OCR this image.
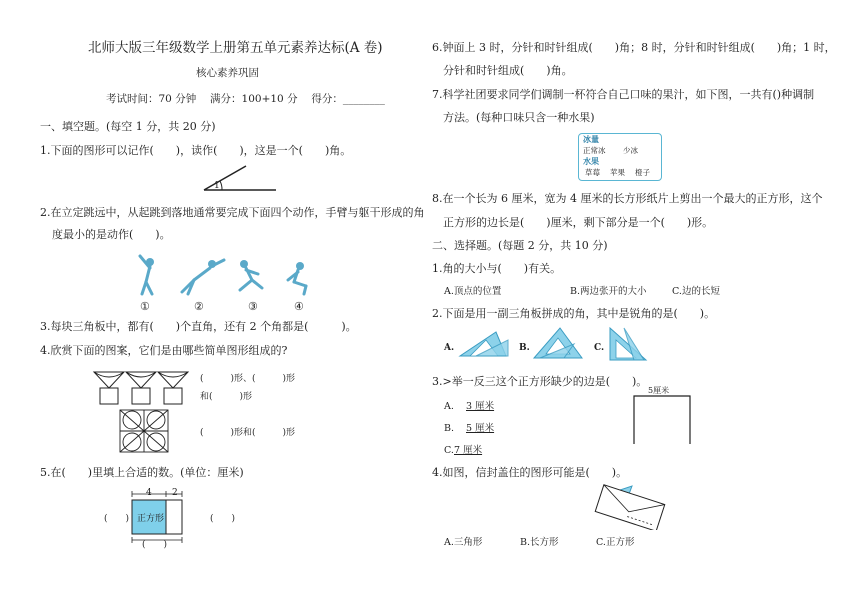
北师大版三年级数学上册第五单元素养达标(A 卷)
核心素养巩固
考试时间：70 分钟　 满分：100+10 分　 得分：________
一、填空题。(每空 1 分，共 20 分)
1.下面的图形可以记作(　　)，读作(　　)，这是一个(　　)角。
1
2.在立定跳远中，从起跳到落地通常要完成下面四个动作，手臂与躯干形成的角
度最小的是动作(　　)。
①	②	③	④
3.每块三角板中，都有(　　)个直角，还有 2 个角都是(　　　)。
4.欣赏下面的图案，它们是由哪些简单图形组成的?
(　　　)形、(　　　)形
和(　　　)形
(　　　)形和(　　　)形
5.在(　　)里填上合适的数。(单位：厘米)
4 2
正方形
(　　)	(　　)
(　　)
6.钟面上 3 时，分针和时针组成(　　)角；8 时，分针和时针组成(　　)角；1 时，
分针和时针组成(　　)角。
7.科学社团要求同学们调制一杯符合自己口味的果汁，如下图，一共有()种调制
方法。(每种口味只含一种水果)
冰量
正常冰 少冰
水果
草莓 苹果 橙子
8.在一个长为 6 厘米，宽为 4 厘米的长方形纸片上剪出一个最大的正方形，这个
正方形的边长是(　　)厘米，剩下部分是一个(　　)形。
二、选择题。(每题 2 分，共 10 分)
1.角的大小与(　　)有关。
A.顶点的位置	B.两边张开的大小	C.边的长短
2.下面是用一副三角板拼成的角，其中是锐角的是(　　)。
A.	B.	C.
3.>举一反三这个正方形缺少的边是(　　)。
A. 3 厘米
B. 5 厘米
C. 7 厘米
5厘米
4.如图，信封盖住的图形可能是(　　)。
A.三角形	B.长方形	C.正方形
